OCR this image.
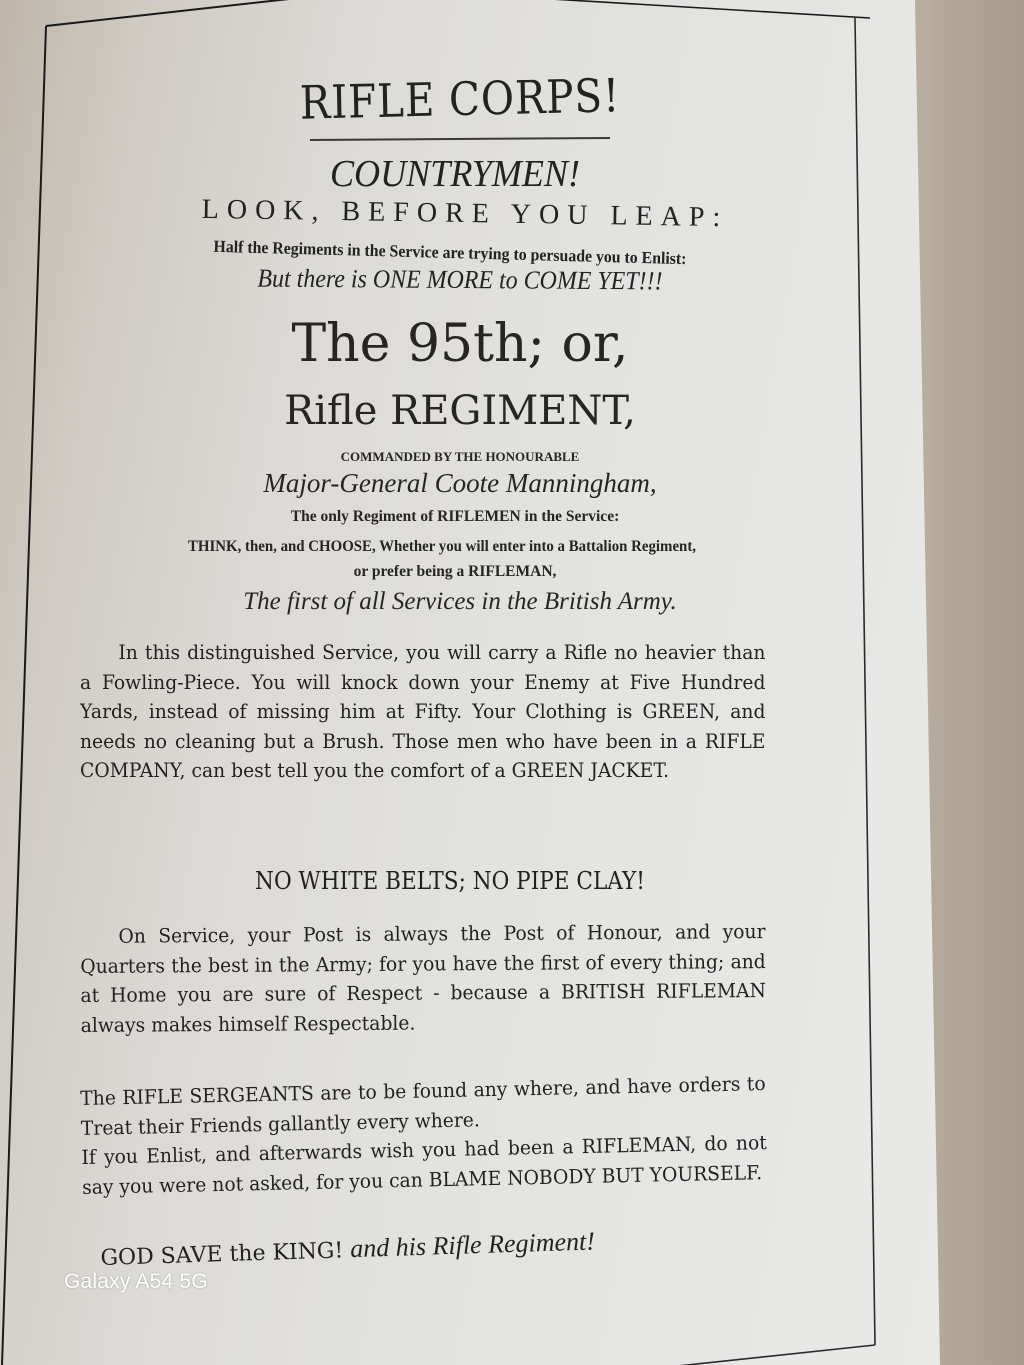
RIFLE CORPS!
COUNTRYMEN!
LOOK, BEFORE YOU LEAP:
Half the Regiments in the Service are trying to persuade you to Enlist:
But there is ONE MORE to COME YET!!!
The 95th; or,
Rifle REGIMENT,
COMMANDED BY THE HONOURABLE
Major-General Coote Manningham,
The only Regiment of RIFLEMEN in the Service:
THINK, then, and CHOOSE, Whether you will enter into a Battalion Regiment,
or prefer being a RIFLEMAN,
The first of all Services in the British Army.

In this distinguished Service, you will carry a Rifle no heavier than a Fowling-Piece. You will knock down your Enemy at Five Hundred Yards, instead of missing him at Fifty. Your Clothing is GREEN, and needs no cleaning but a Brush. Those men who have been in a RIFLE COMPANY, can best tell you the comfort of a GREEN JACKET.

NO WHITE BELTS; NO PIPE CLAY!

On Service, your Post is always the Post of Honour, and your Quarters the best in the Army; for you have the first of every thing; and at Home you are sure of Respect - because a BRITISH RIFLEMAN always makes himself Respectable.

The RIFLE SERGEANTS are to be found any where, and have orders to Treat their Friends gallantly every where.

If you Enlist, and afterwards wish you had been a RIFLEMAN, do not say you were not asked, for you can BLAME NOBODY BUT YOURSELF.

GOD SAVE the KING! and his Rifle Regiment!
Galaxy A54 5G
